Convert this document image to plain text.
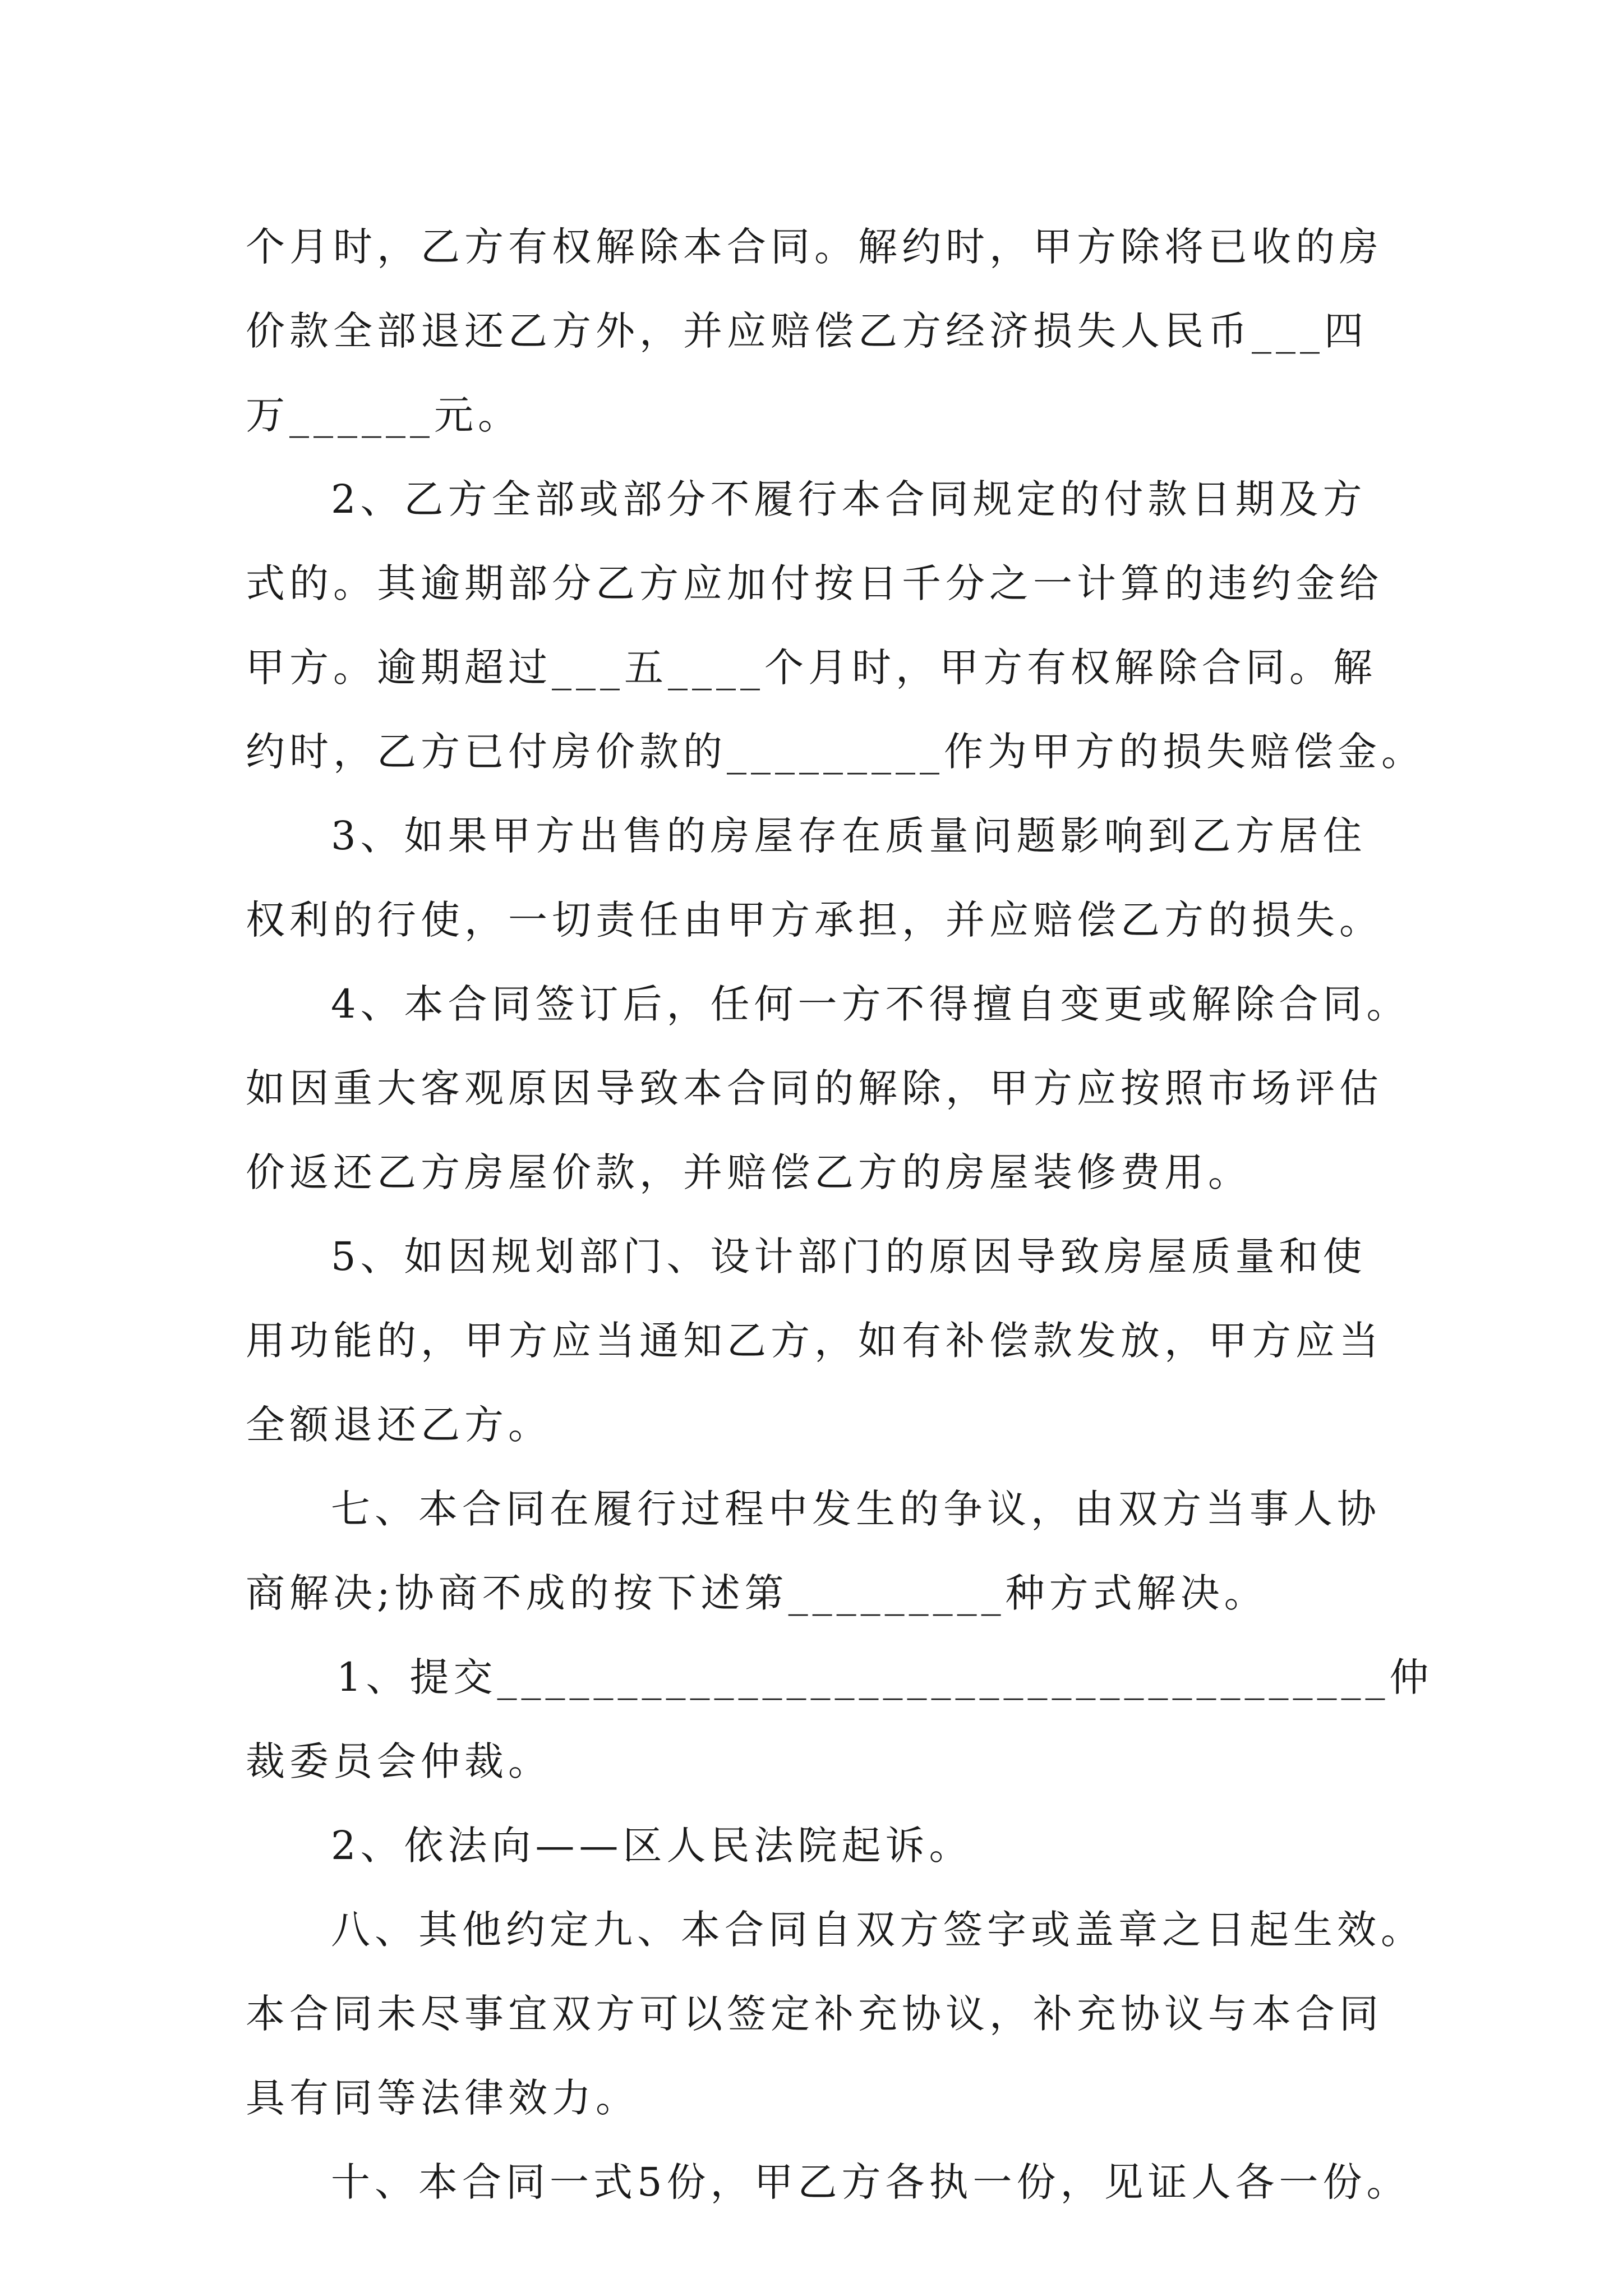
个月时，乙方有权解除本合同。解约时，甲方除将已收的房
价款全部退还乙方外，并应赔偿乙方经济损失人民币___四
万______元。
2、乙方全部或部分不履行本合同规定的付款日期及方
式的。其逾期部分乙方应加付按日千分之一计算的违约金给
甲方。逾期超过___五____个月时，甲方有权解除合同。解
约时，乙方已付房价款的_________作为甲方的损失赔偿金。
3、如果甲方出售的房屋存在质量问题影响到乙方居住
权利的行使，一切责任由甲方承担，并应赔偿乙方的损失。
4、本合同签订后，任何一方不得擅自变更或解除合同。
如因重大客观原因导致本合同的解除，甲方应按照市场评估
价返还乙方房屋价款，并赔偿乙方的房屋装修费用。
5、如因规划部门、设计部门的原因导致房屋质量和使
用功能的，甲方应当通知乙方，如有补偿款发放，甲方应当
全额退还乙方。
七、本合同在履行过程中发生的争议，由双方当事人协
商解决;协商不成的按下述第_________种方式解决。
1、提交_____________________________________仲
裁委员会仲裁。
2、依法向——区人民法院起诉。
八、其他约定九、本合同自双方签字或盖章之日起生效。
本合同未尽事宜双方可以签定补充协议，补充协议与本合同
具有同等法律效力。
十、本合同一式5份，甲乙方各执一份，见证人各一份。
